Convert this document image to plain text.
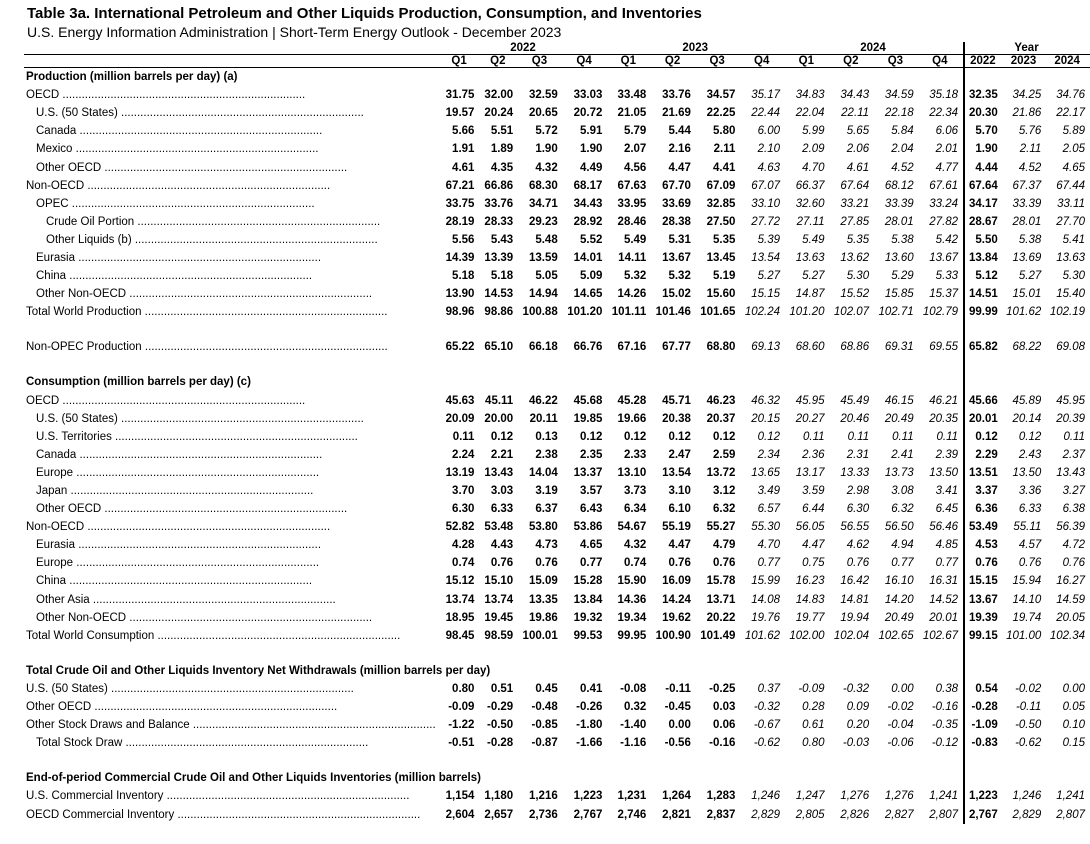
Table 3a. International Petroleum and Other Liquids Production, Consumption, and Inventories
U.S. Energy Information Administration | Short-Term Energy Outlook - December 2023
	2022				2023				2024				Year		
	Q1	Q2	Q3	Q4	Q1	Q2	Q3	Q4	Q1	Q2	Q3	Q4	2022	2023	2024
Production (million barrels per day) (a)															

OECD .....	31.75	32.00	32.59	33.03	33.48	33.76	34.57	35.17	34.83	34.43	34.59	35.18	32.35	34.25	34.76

U.S. (50 States) .....	19.57	20.24	20.65	20.72	21.05	21.69	22.25	22.44	22.04	22.11	22.18	22.34	20.30	21.86	22.17

Canada .....	5.66	5.51	5.72	5.91	5.79	5.44	5.80	6.00	5.99	5.65	5.84	6.06	5.70	5.76	5.89

Mexico .....	1.91	1.89	1.90	1.90	2.07	2.16	2.11	2.10	2.09	2.06	2.04	2.01	1.90	2.11	2.05

Other OECD .....	4.61	4.35	4.32	4.49	4.56	4.47	4.41	4.63	4.70	4.61	4.52	4.77	4.44	4.52	4.65

Non-OECD .....	67.21	66.86	68.30	68.17	67.63	67.70	67.09	67.07	66.37	67.64	68.12	67.61	67.64	67.37	67.44

OPEC .....	33.75	33.76	34.71	34.43	33.95	33.69	32.85	33.10	32.60	33.21	33.39	33.24	34.17	33.39	33.11

Crude Oil Portion .....	28.19	28.33	29.23	28.92	28.46	28.38	27.50	27.72	27.11	27.85	28.01	27.82	28.67	28.01	27.70

Other Liquids (b) .....	5.56	5.43	5.48	5.52	5.49	5.31	5.35	5.39	5.49	5.35	5.38	5.42	5.50	5.38	5.41

Eurasia .....	14.39	13.39	13.59	14.01	14.11	13.67	13.45	13.54	13.63	13.62	13.60	13.67	13.84	13.69	13.63

China .....	5.18	5.18	5.05	5.09	5.32	5.32	5.19	5.27	5.27	5.30	5.29	5.33	5.12	5.27	5.30

Other Non-OECD .....	13.90	14.53	14.94	14.65	14.26	15.02	15.60	15.15	14.87	15.52	15.85	15.37	14.51	15.01	15.40

Total World Production .....	98.96	98.86	100.88	101.20	101.11	101.46	101.65	102.24	101.20	102.07	102.71	102.79	99.99	101.62	102.19

Non-OPEC Production .....	65.22	65.10	66.18	66.76	67.16	67.77	68.80	69.13	68.60	68.86	69.31	69.55	65.82	68.22	69.08

Consumption (million barrels per day) (c)															

OECD .....	45.63	45.11	46.22	45.68	45.28	45.71	46.23	46.32	45.95	45.49	46.15	46.21	45.66	45.89	45.95

U.S. (50 States) .....	20.09	20.00	20.11	19.85	19.66	20.38	20.37	20.15	20.27	20.46	20.49	20.35	20.01	20.14	20.39

U.S. Territories .....	0.11	0.12	0.13	0.12	0.12	0.12	0.12	0.12	0.11	0.11	0.11	0.11	0.12	0.12	0.11

Canada .....	2.24	2.21	2.38	2.35	2.33	2.47	2.59	2.34	2.36	2.31	2.41	2.39	2.29	2.43	2.37

Europe .....	13.19	13.43	14.04	13.37	13.10	13.54	13.72	13.65	13.17	13.33	13.73	13.50	13.51	13.50	13.43

Japan .....	3.70	3.03	3.19	3.57	3.73	3.10	3.12	3.49	3.59	2.98	3.08	3.41	3.37	3.36	3.27

Other OECD .....	6.30	6.33	6.37	6.43	6.34	6.10	6.32	6.57	6.44	6.30	6.32	6.45	6.36	6.33	6.38

Non-OECD .....	52.82	53.48	53.80	53.86	54.67	55.19	55.27	55.30	56.05	56.55	56.50	56.46	53.49	55.11	56.39

Eurasia .....	4.28	4.43	4.73	4.65	4.32	4.47	4.79	4.70	4.47	4.62	4.94	4.85	4.53	4.57	4.72

Europe .....	0.74	0.76	0.76	0.77	0.74	0.76	0.76	0.77	0.75	0.76	0.77	0.77	0.76	0.76	0.76

China .....	15.12	15.10	15.09	15.28	15.90	16.09	15.78	15.99	16.23	16.42	16.10	16.31	15.15	15.94	16.27

Other Asia .....	13.74	13.74	13.35	13.84	14.36	14.24	13.71	14.08	14.83	14.81	14.20	14.52	13.67	14.10	14.59

Other Non-OECD .....	18.95	19.45	19.86	19.32	19.34	19.62	20.22	19.76	19.77	19.94	20.49	20.01	19.39	19.74	20.05

Total World Consumption .....	98.45	98.59	100.01	99.53	99.95	100.90	101.49	101.62	102.00	102.04	102.65	102.67	99.15	101.00	102.34

Total Crude Oil and Other Liquids Inventory Net Withdrawals (million barrels per day)															

U.S. (50 States) .....	0.80	0.51	0.45	0.41	-0.08	-0.11	-0.25	0.37	-0.09	-0.32	0.00	0.38	0.54	-0.02	0.00

Other OECD .....	-0.09	-0.29	-0.48	-0.26	0.32	-0.45	0.03	-0.32	0.28	0.09	-0.02	-0.16	-0.28	-0.11	0.05

Other Stock Draws and Balance .....	-1.22	-0.50	-0.85	-1.80	-1.40	0.00	0.06	-0.67	0.61	0.20	-0.04	-0.35	-1.09	-0.50	0.10

Total Stock Draw .....	-0.51	-0.28	-0.87	-1.66	-1.16	-0.56	-0.16	-0.62	0.80	-0.03	-0.06	-0.12	-0.83	-0.62	0.15

End-of-period Commercial Crude Oil and Other Liquids Inventories (million barrels)															

U.S. Commercial Inventory .....	1,154	1,180	1,216	1,223	1,231	1,264	1,283	1,246	1,247	1,276	1,276	1,241	1,223	1,246	1,241

OECD Commercial Inventory .....	2,604	2,657	2,736	2,767	2,746	2,821	2,837	2,829	2,805	2,826	2,827	2,807	2,767	2,829	2,807
